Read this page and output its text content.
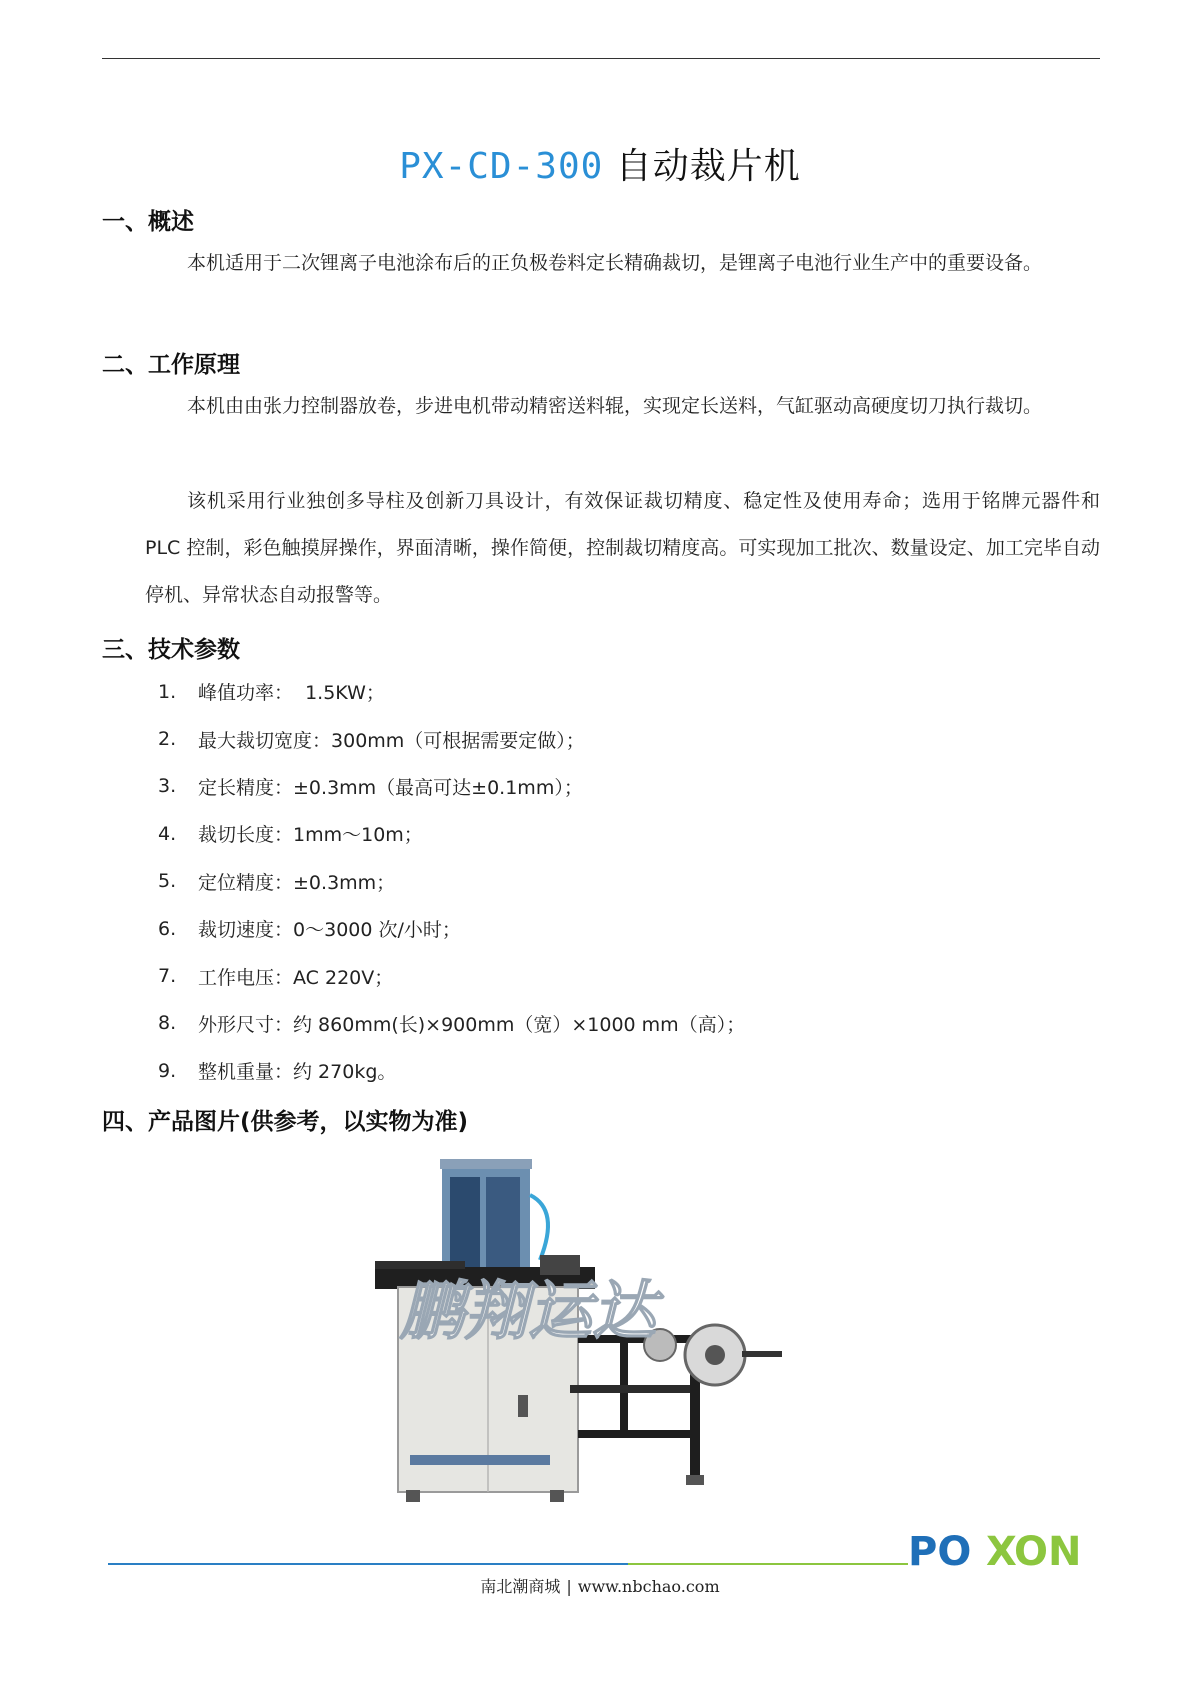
PX-CD-300 自动裁片机
一、概述
本机适用于二次锂离子电池涂布后的正负极卷料定长精确裁切，是锂离子电池行业生产中的重要设备。
二、工作原理
本机由由张力控制器放卷，步进电机带动精密送料辊，实现定长送料，气缸驱动高硬度切刀执行裁切。
该机采用行业独创多导柱及创新刀具设计，有效保证裁切精度、稳定性及使用寿命；选用于铭牌元器件和 PLC 控制，彩色触摸屏操作，界面清晰，操作简便，控制裁切精度高。可实现加工批次、数量设定、加工完毕自动停机、异常状态自动报警等。
三、技术参数
1.	峰值功率： 1.5KW；
2.	最大裁切宽度： 300mm（可根据需要定做）；
3.	定长精度： ±0.3mm（最高可达±0.1mm）；
4.	裁切长度： 1mm～10m；
5.	定位精度： ±0.3mm；
6.	裁切速度： 0～3000 次/小时；
7.	工作电压： AC 220V；
8.	外形尺寸： 约 860mm(长)×900mm（宽）×1000 mm（高）；
9.	整机重量： 约 270kg。
四、产品图片(供参考，以实物为准)
鹏翔运达
PO X
ON
南北潮商城 | www.nbchao.com
